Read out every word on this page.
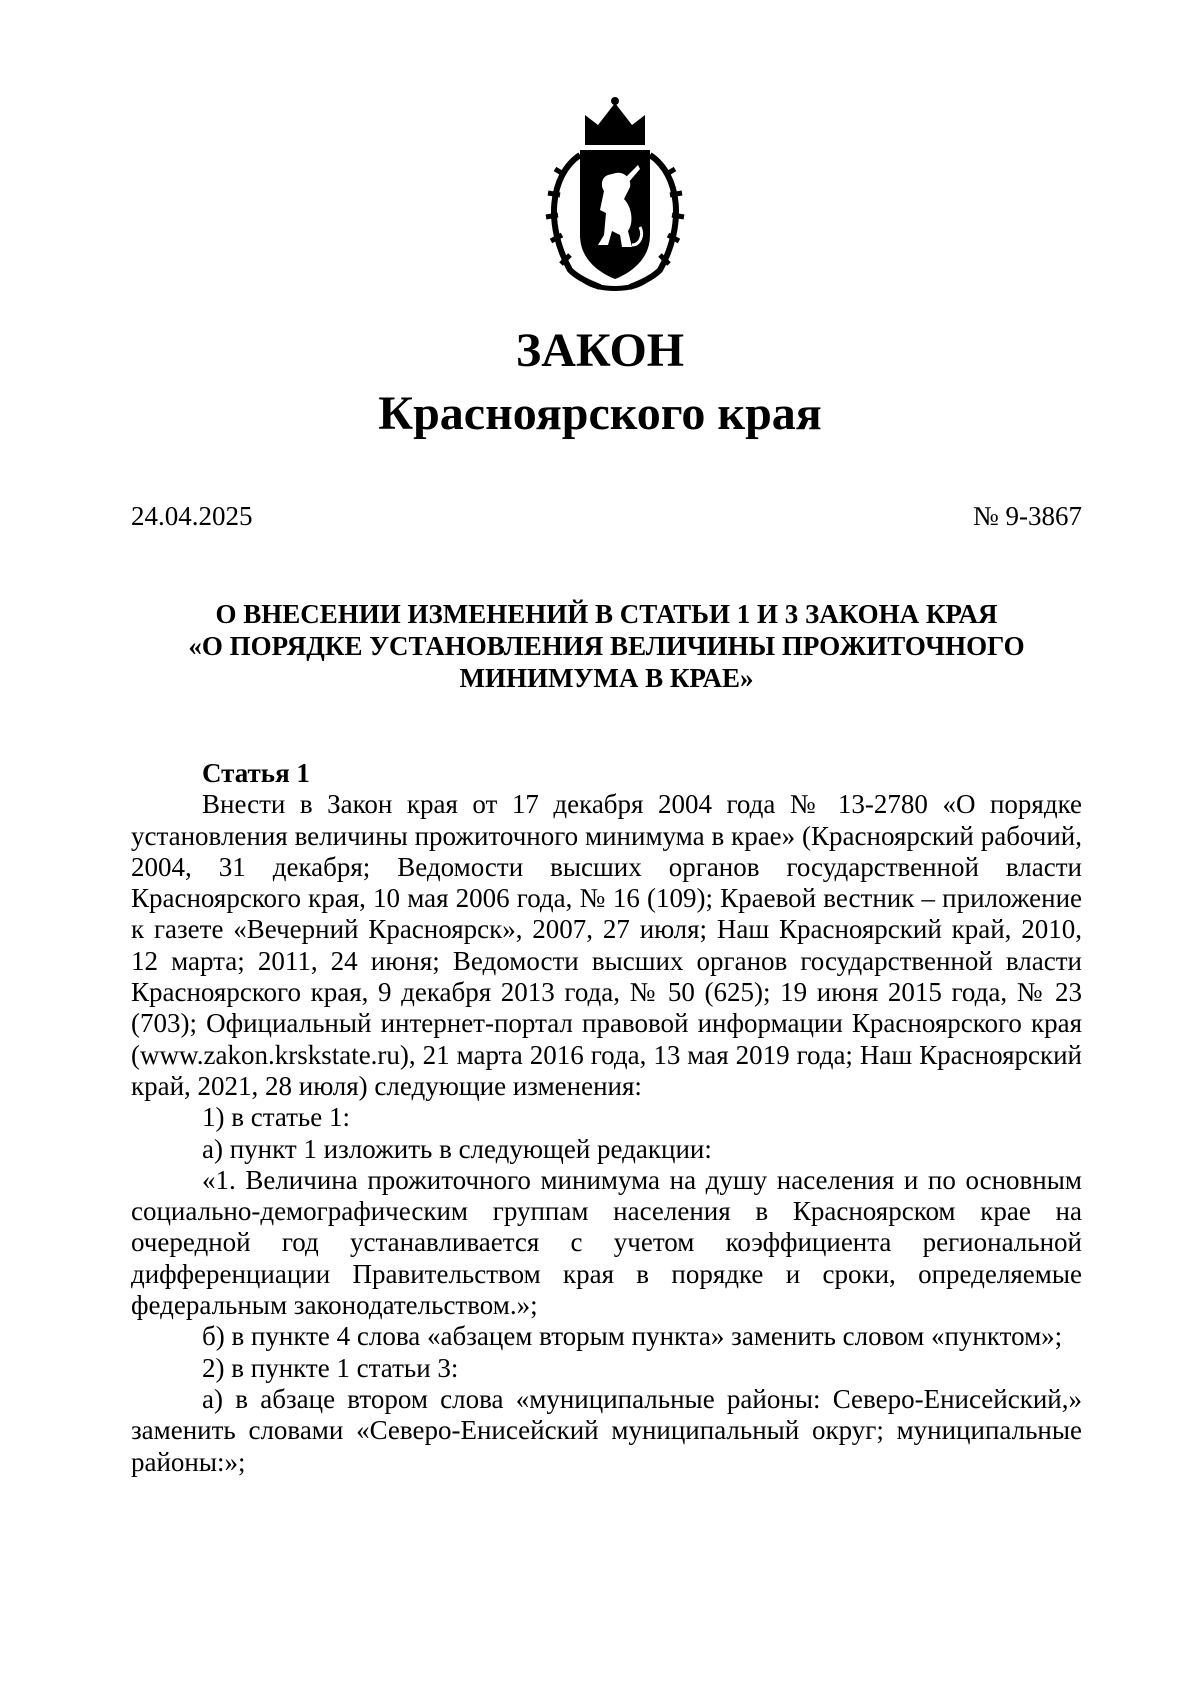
ЗАКОН
Красноярского края
24.04.2025	№ 9-3867
О ВНЕСЕНИИ ИЗМЕНЕНИЙ В СТАТЬИ 1 И 3 ЗАКОНА КРАЯ
«О ПОРЯДКЕ УСТАНОВЛЕНИЯ ВЕЛИЧИНЫ ПРОЖИТОЧНОГО
МИНИМУМА В КРАЕ»

Статья 1

Внести в Закон края от 17 декабря 2004 года № 13-2780 «О порядке установления величины прожиточного минимума в крае» (Красноярский рабочий, 2004, 31 декабря; Ведомости высших органов государственной власти Красноярского края, 10 мая 2006 года, № 16 (109); Краевой вестник – приложение к газете «Вечерний Красноярск», 2007, 27 июля; Наш Красноярский край, 2010, 12 марта; 2011, 24 июня; Ведомости высших органов государственной власти Красноярского края, 9 декабря 2013 года, № 50 (625); 19 июня 2015 года, № 23 (703); Официальный интернет-портал правовой информации Красноярского края (www.zakon.krskstate.ru), 21 марта 2016 года, 13 мая 2019 года; Наш Красноярский край, 2021, 28 июля) следующие изменения:

1) в статье 1:

а) пункт 1 изложить в следующей редакции:

«1. Величина прожиточного минимума на душу населения и по основным социально-демографическим группам населения в Красноярском крае на очередной год устанавливается с учетом коэффициента региональной дифференциации Правительством края в порядке и сроки, определяемые федеральным законодательством.»;

б) в пункте 4 слова «абзацем вторым пункта» заменить словом «пунктом»;

2) в пункте 1 статьи 3:

а) в абзаце втором слова «муниципальные районы: Северо-Енисейский,» заменить словами «Северо-Енисейский муниципальный округ; муниципальные районы:»;
